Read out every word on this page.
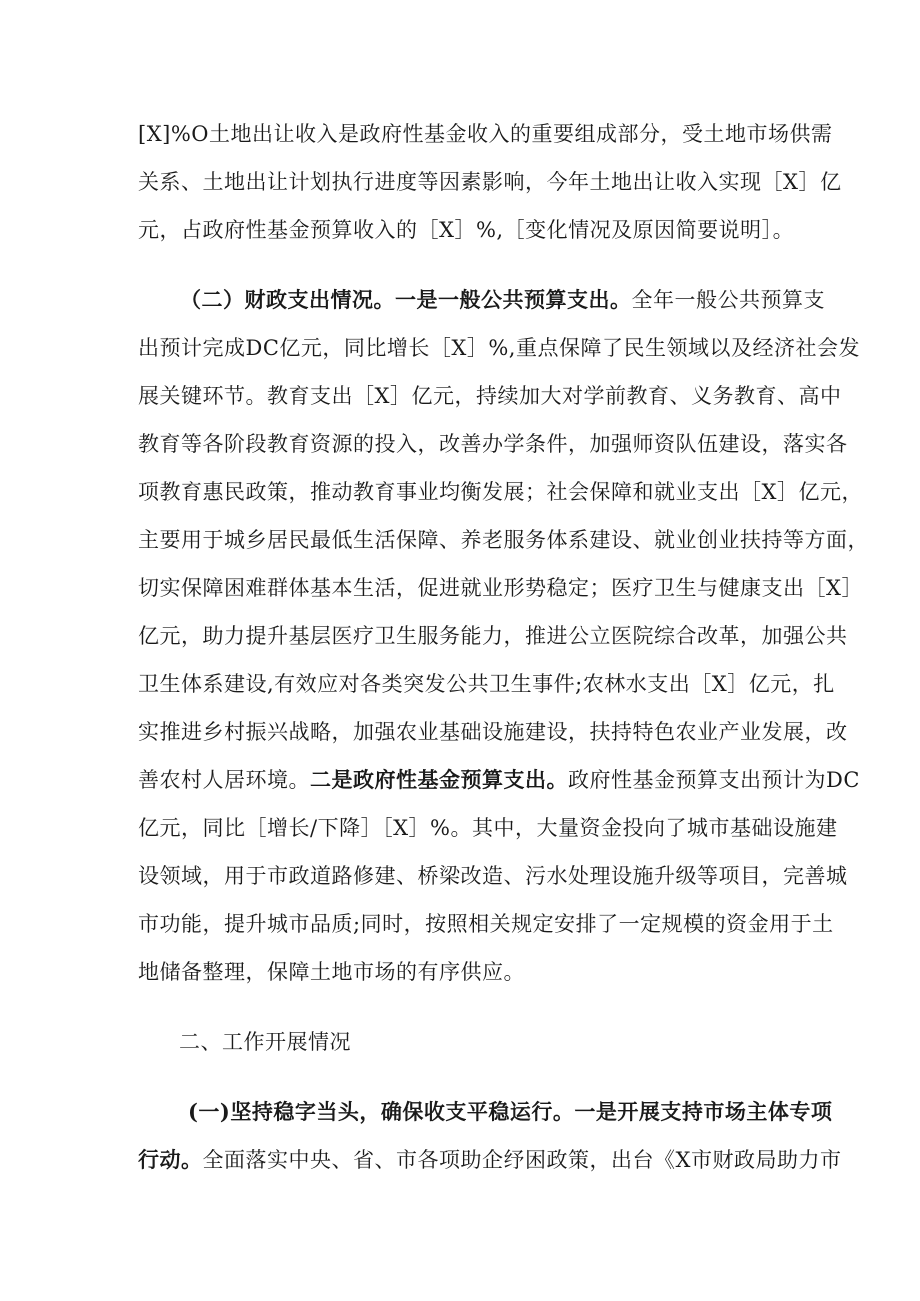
[X]%O土地出让收入是政府性基金收入的重要组成部分，受土地市场供需
关系、土地出让计划执行进度等因素影响，今年土地出让收入实现［X］亿
元，占政府性基金预算收入的［X］%,［变化情况及原因简要说明］。
（二）财政支出情况。一是一般公共预算支出。全年一般公共预算支
出预计完成DC亿元，同比增长［X］%,重点保障了民生领域以及经济社会发
展关键环节。教育支出［X］亿元，持续加大对学前教育、义务教育、高中
教育等各阶段教育资源的投入，改善办学条件，加强师资队伍建设，落实各
项教育惠民政策，推动教育事业均衡发展；社会保障和就业支出［X］亿元，
主要用于城乡居民最低生活保障、养老服务体系建设、就业创业扶持等方面，
切实保障困难群体基本生活，促进就业形势稳定；医疗卫生与健康支出［X］
亿元，助力提升基层医疗卫生服务能力，推进公立医院综合改革，加强公共
卫生体系建设,有效应对各类突发公共卫生事件;农林水支出［X］亿元，扎
实推进乡村振兴战略，加强农业基础设施建设，扶持特色农业产业发展，改
善农村人居环境。二是政府性基金预算支出。政府性基金预算支出预计为DC
亿元，同比［增长/下降］［X］%。其中，大量资金投向了城市基础设施建
设领域，用于市政道路修建、桥梁改造、污水处理设施升级等项目，完善城
市功能，提升城市品质;同时，按照相关规定安排了一定规模的资金用于土
地储备整理，保障土地市场的有序供应。
二、工作开展情况
(一)坚持稳字当头，确保收支平稳运行。一是开展支持市场主体专项
行动。全面落实中央、省、市各项助企纾困政策，出台《X市财政局助力市
